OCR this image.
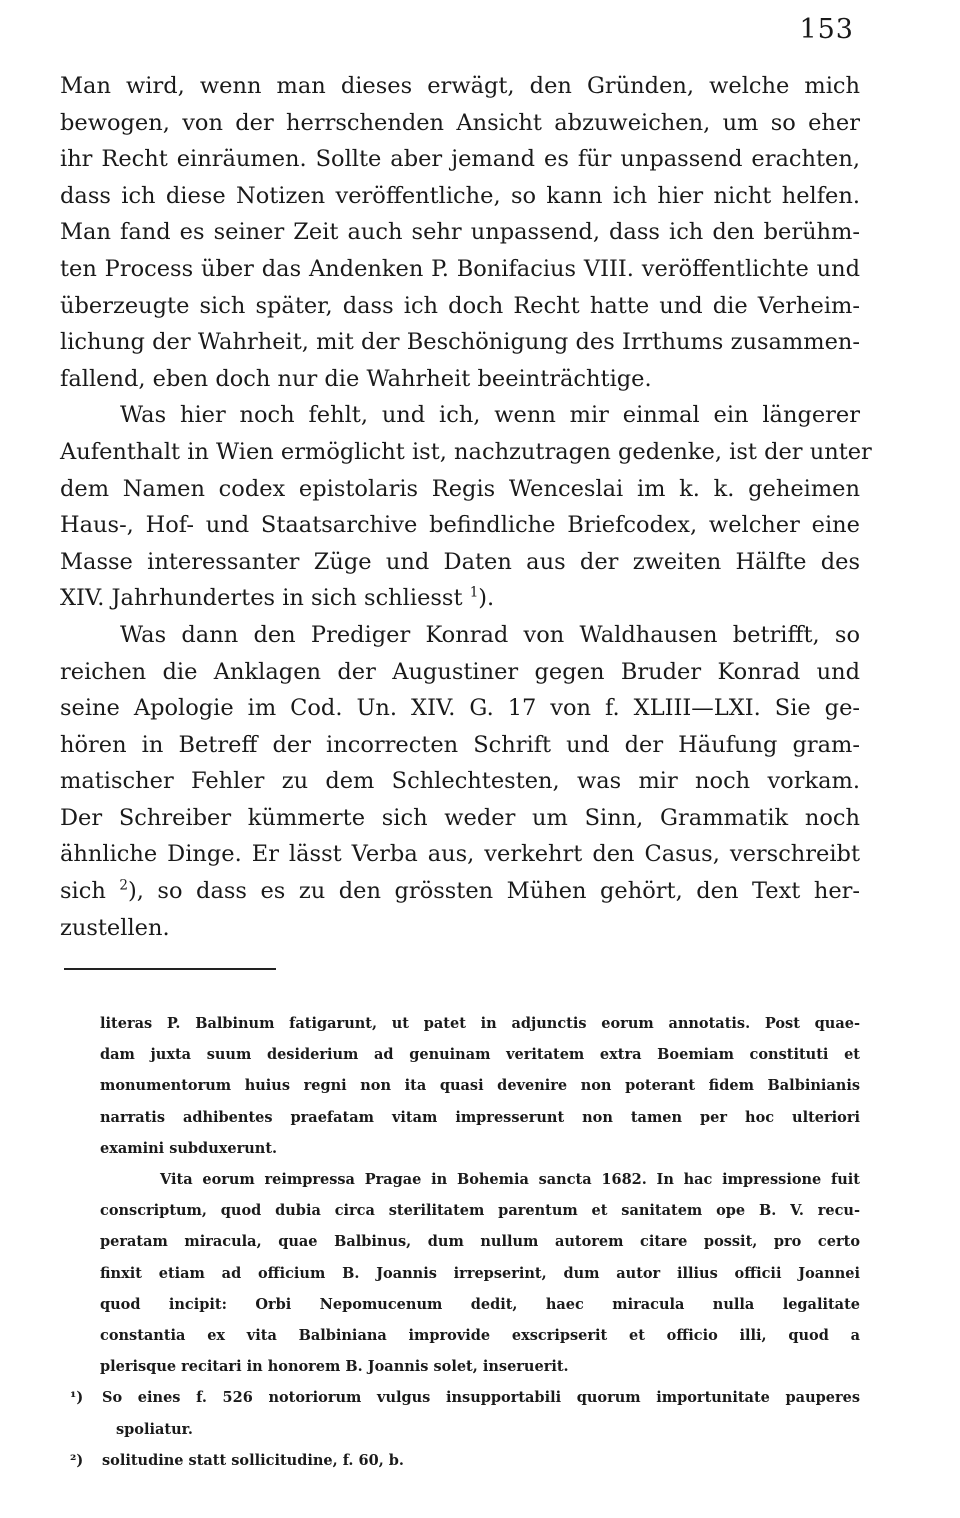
153
Man wird, wenn man dieses erwägt, den Gründen, welche mich
bewogen, von der herrschenden Ansicht abzuweichen, um so eher
ihr Recht einräumen. Sollte aber jemand es für unpassend erachten,
dass ich diese Notizen veröffentliche, so kann ich hier nicht helfen.
Man fand es seiner Zeit auch sehr unpassend, dass ich den berühm-
ten Process über das Andenken P. Bonifacius VIII. veröffentlichte und
überzeugte sich später, dass ich doch Recht hatte und die Verheim-
lichung der Wahrheit, mit der Beschönigung des Irrthums zusammen-
fallend, eben doch nur die Wahrheit beeinträchtige.
Was hier noch fehlt, und ich, wenn mir einmal ein längerer
Aufenthalt in Wien ermöglicht ist, nachzutragen gedenke, ist der unter
dem Namen codex epistolaris Regis Wenceslai im k. k. geheimen
Haus-, Hof- und Staatsarchive befindliche Briefcodex, welcher eine
Masse interessanter Züge und Daten aus der zweiten Hälfte des
XIV. Jahrhundertes in sich schliesst $^1$).
Was dann den Prediger Konrad von Waldhausen betrifft, so
reichen die Anklagen der Augustiner gegen Bruder Konrad und
seine Apologie im Cod. Un. XIV. G. 17 von f. XLIII—LXI. Sie ge-
hören in Betreff der incorrecten Schrift und der Häufung gram-
matischer Fehler zu dem Schlechtesten, was mir noch vorkam.
Der Schreiber kümmerte sich weder um Sinn, Grammatik noch
ähnliche Dinge. Er lässt Verba aus, verkehrt den Casus, verschreibt
sich $^2$), so dass es zu den grössten Mühen gehört, den Text her-
zustellen.
literas P. Balbinum fatigarunt, ut patet in adjunctis eorum annotatis. Post quae-
dam juxta suum desiderium ad genuinam veritatem extra Boemiam constituti et
monumentorum huius regni non ita quasi devenire non poterant fidem Balbinianis
narratis adhibentes praefatam vitam impresserunt non tamen per hoc ulteriori
examini subduxerunt.
Vita eorum reimpressa Pragae in Bohemia sancta 1682. In hac impressione fuit
conscriptum, quod dubia circa sterilitatem parentum et sanitatem ope B. V. recu-
peratam miracula, quae Balbinus, dum nullum autorem citare possit, pro certo
finxit etiam ad officium B. Joannis irrepserint, dum autor illius officii Joannei
quod incipit: Orbi Nepomucenum dedit, haec miracula nulla legalitate
constantia ex vita Balbiniana improvide exscripserit et officio illi, quod a
plerisque recitari in honorem B. Joannis solet, inseruerit.
¹) So eines f. 526 notoriorum vulgus insupportabili quorum importunitate pauperes
spoliatur.
²) solitudine statt sollicitudine, f. 60, b.
